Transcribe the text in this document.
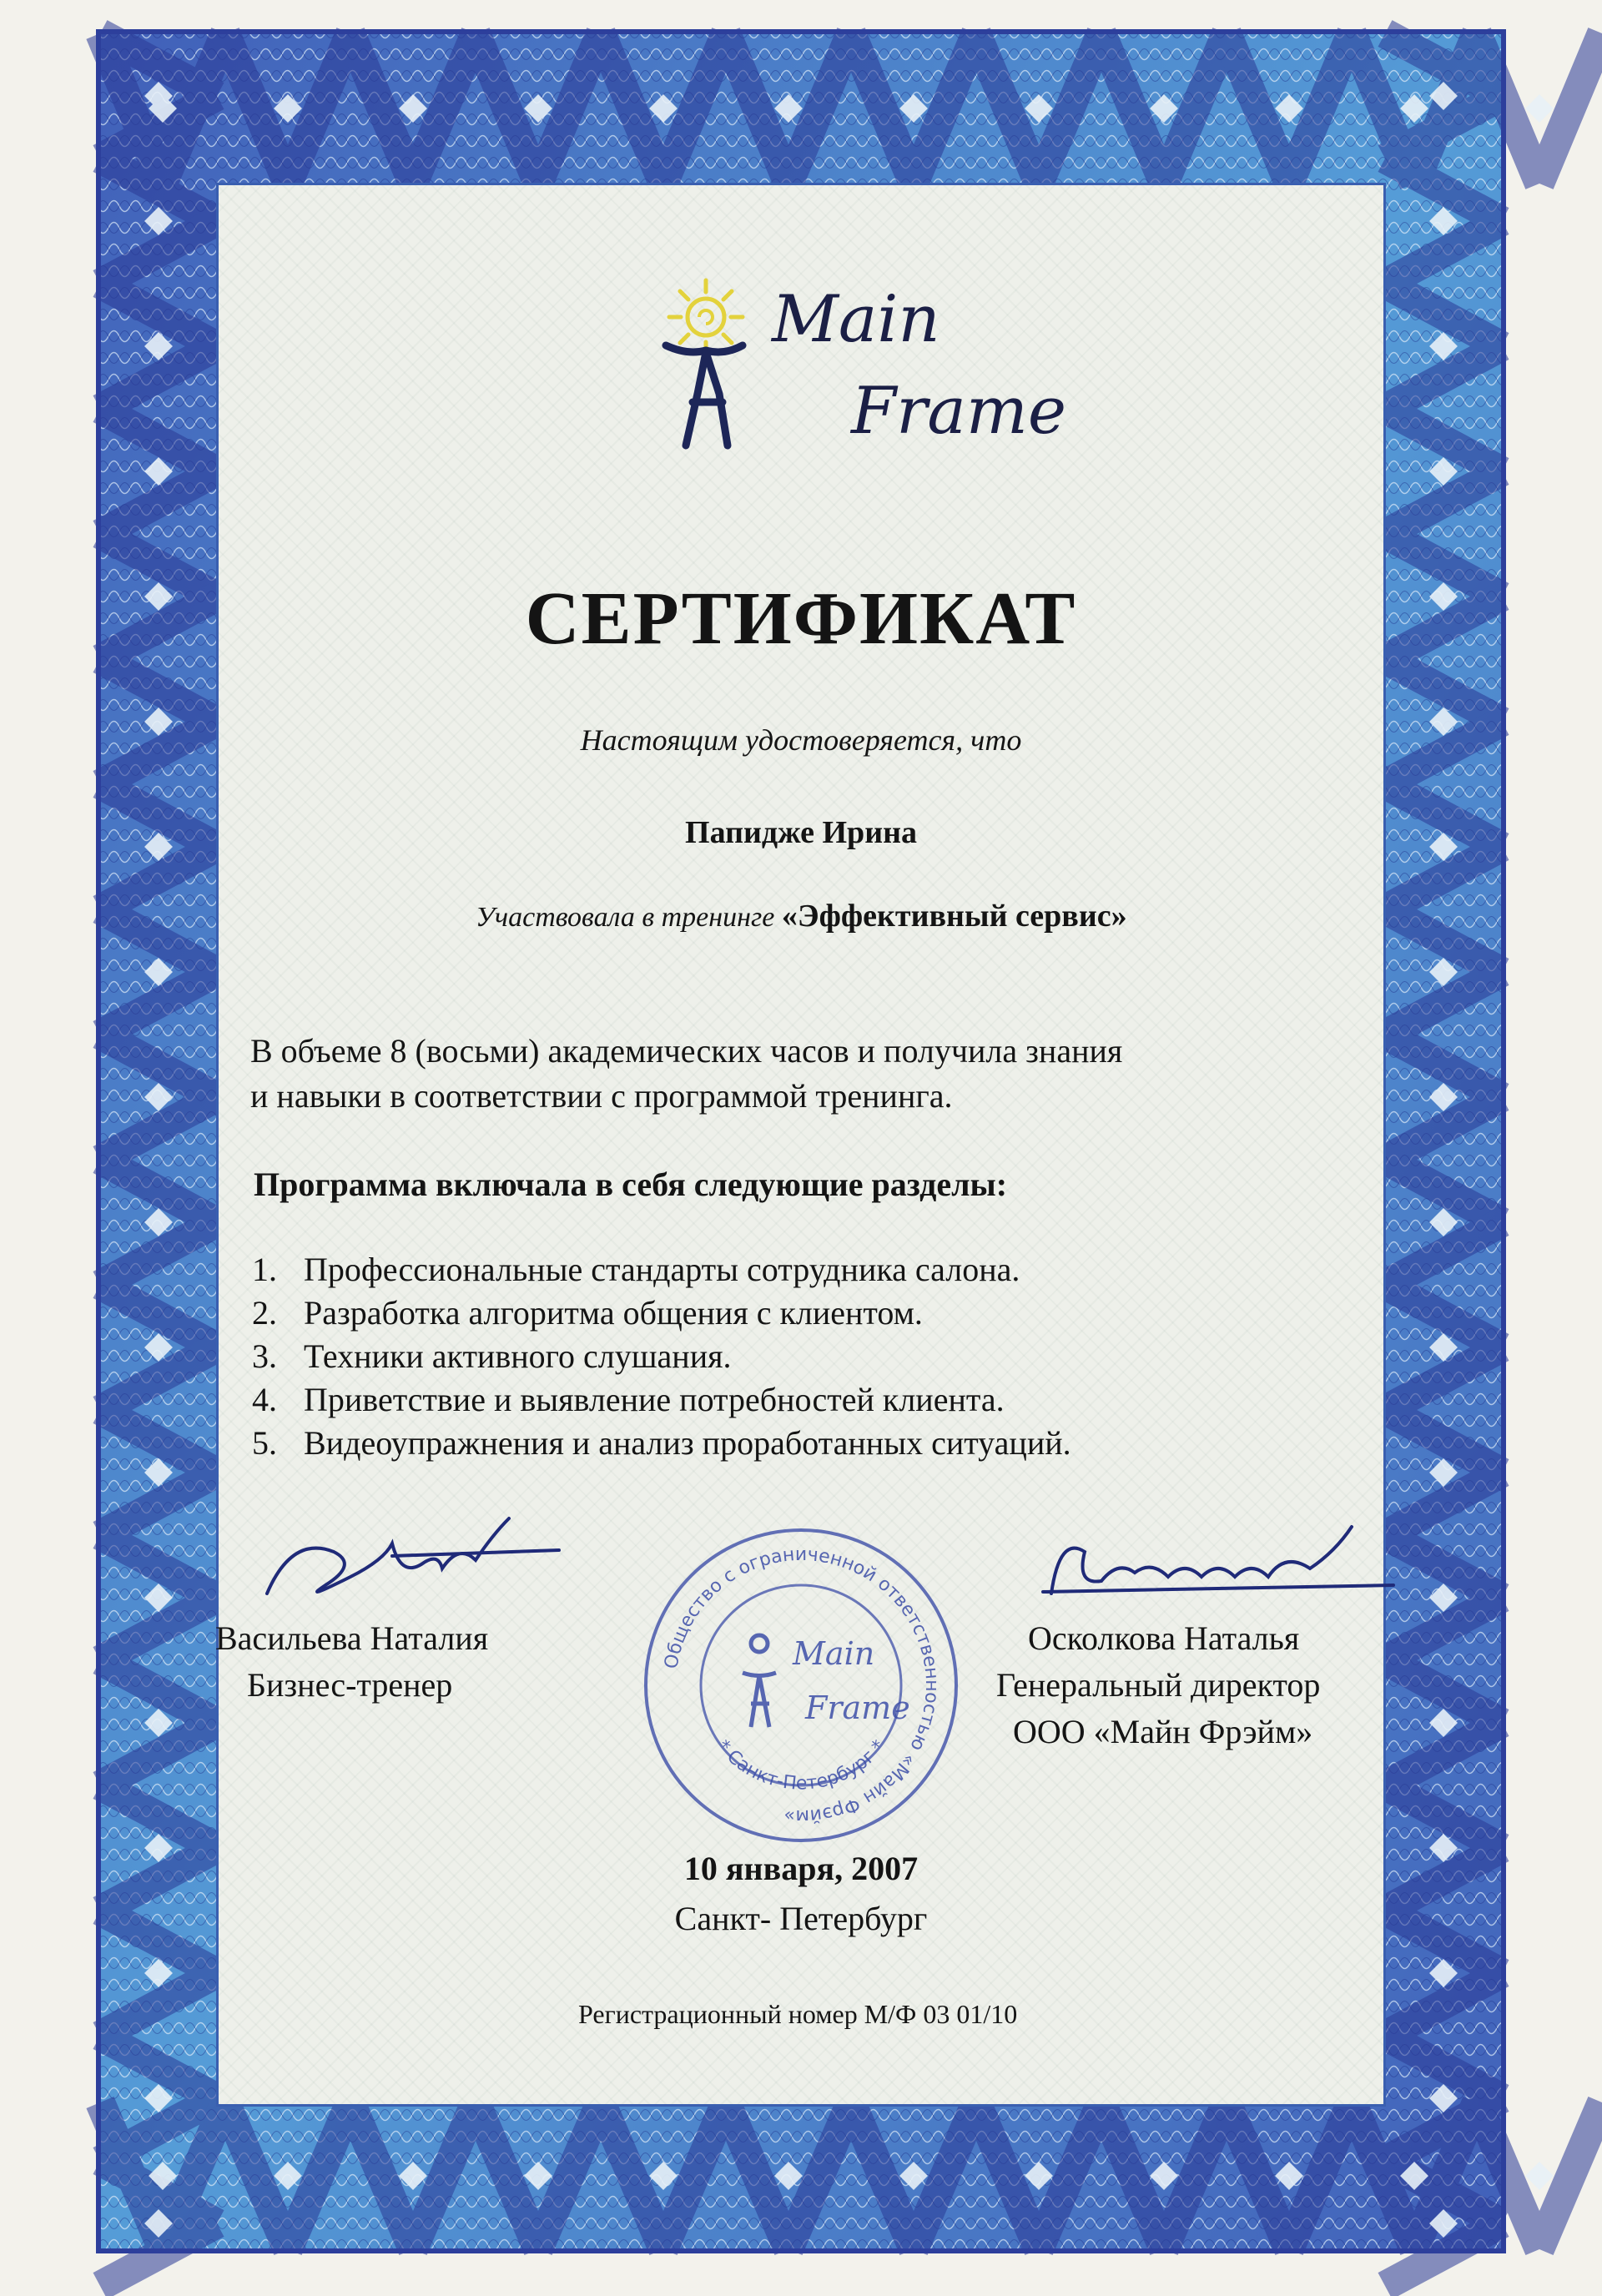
Main
Frame
СЕРТИФИКАТ
Настоящим удостоверяется, что
Папидже Ирина
Участвовала в тренинге «Эффективный сервис»
В объеме 8 (восьми) академических часов и получила знания
и навыки в соответствии с программой тренинга.
Программа включала в себя следующие разделы:
1. Профессиональные стандарты сотрудника салона.
2. Разработка алгоритма общения с клиентом.
3. Техники активного слушания.
4. Приветствие и выявление потребностей клиента.
5. Видеоупражнения и анализ проработанных ситуаций.
Васильева Наталия
Бизнес-тренер
Осколкова Наталья
Генеральный директор
ООО «Майн Фрэйм»
Общество с ограниченной ответственностью «Майн Фрэйм»
* Санкт-Петербург *
Main
Frame
10 января, 2007
Санкт- Петербург
Регистрационный номер М/Ф 03 01/10
